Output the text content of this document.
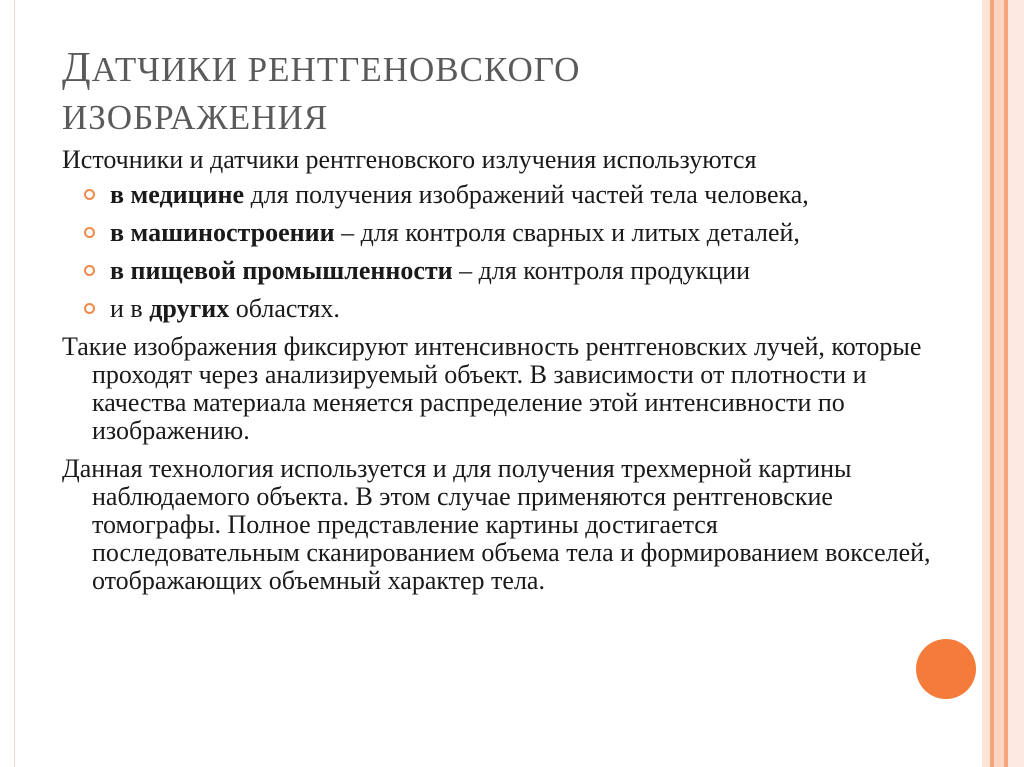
ДАТЧИКИ РЕНТГЕНОВСКОГО
ИЗОБРАЖЕНИЯ

Источники и датчики рентгеновского излучения используются

в медицине для получения изображений частей тела человека,
в машиностроении – для контроля сварных и литых деталей,
в пищевой промышленности – для контроля продукции
и в других областях.

Такие изображения фиксируют интенсивность рентгеновских лучей, которые проходят через анализируемый объект. В зависимости от плотности и качества материала меняется распределение этой интенсивности по изображению.

Данная технология используется и для получения трехмерной картины наблюдаемого объекта. В этом случае применяются рентгеновские томографы. Полное представление картины достигается последовательным сканированием объема тела и формированием вокселей, отображающих объемный характер тела.
